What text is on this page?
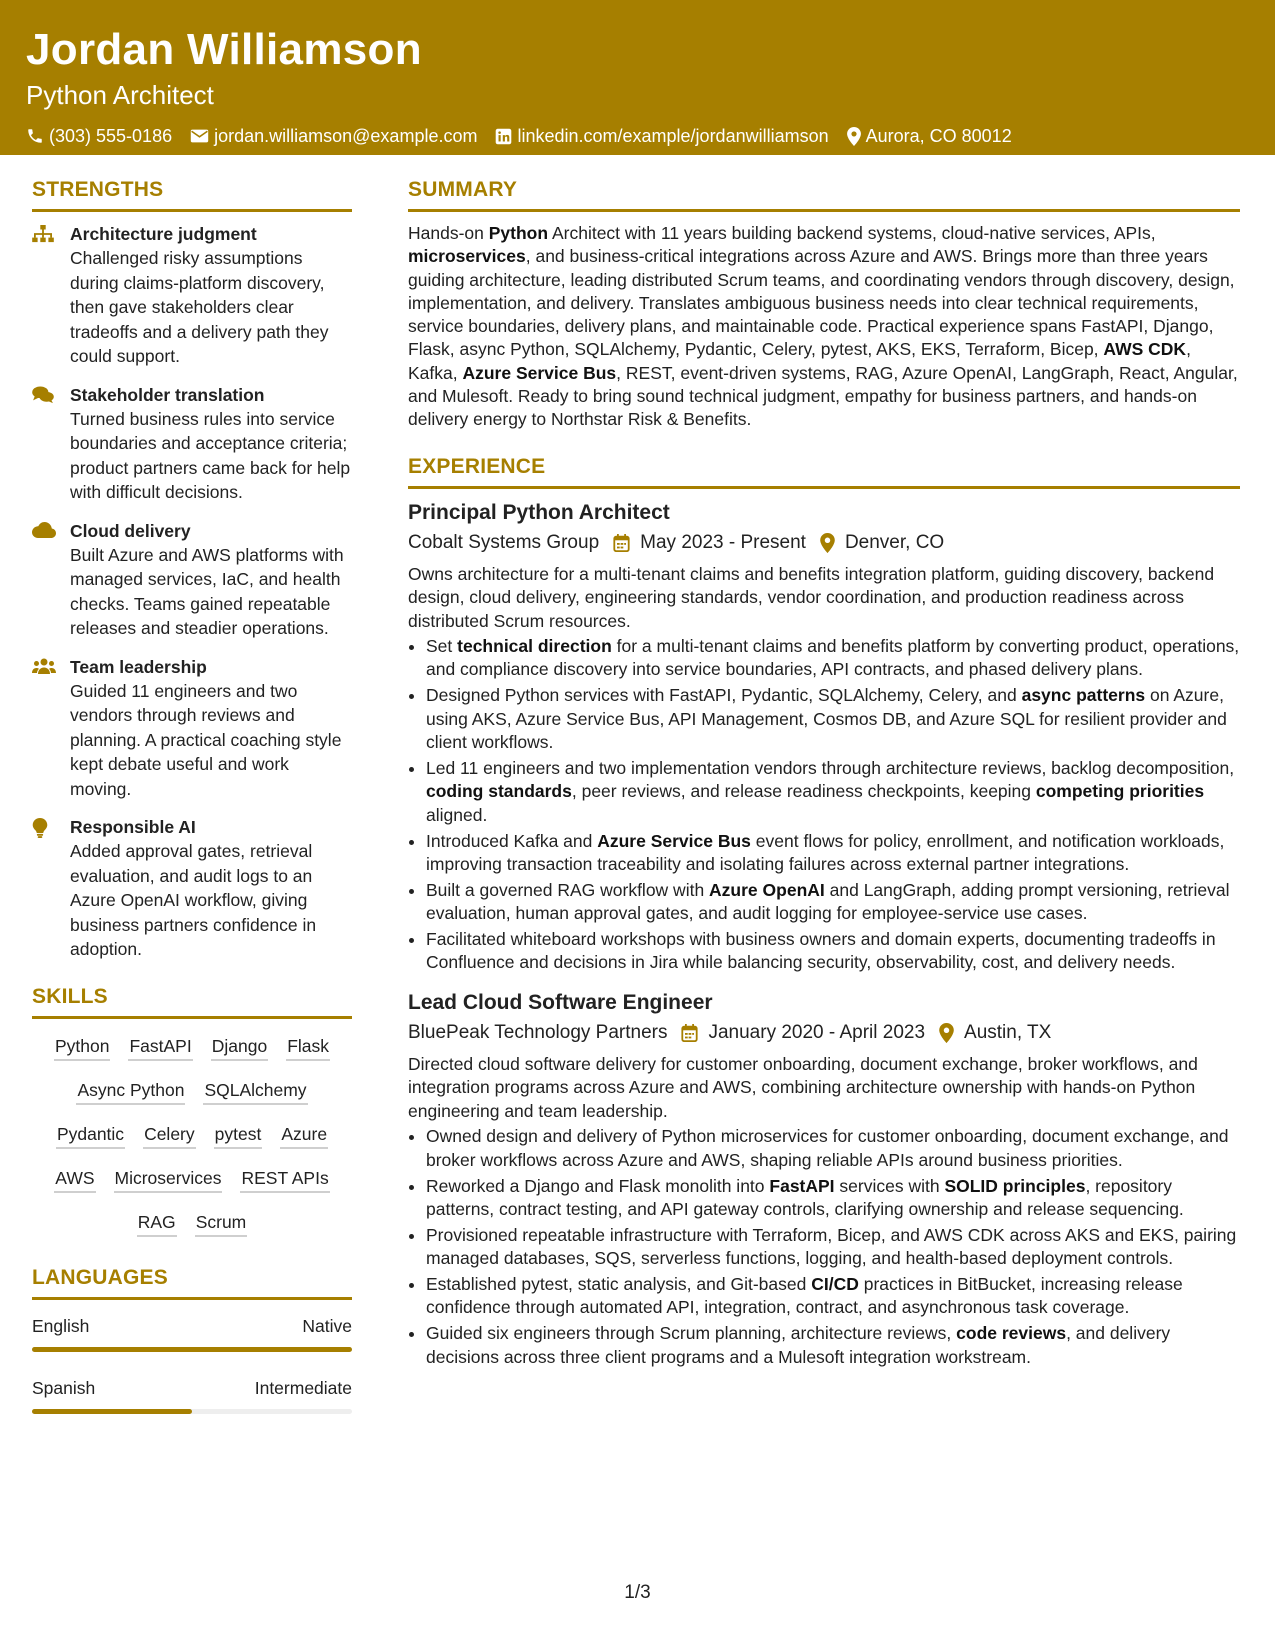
Jordan Williamson
Python Architect
(303) 555-0186 jordan.williamson@example.com linkedin.com/example/jordanwilliamson Aurora, CO 80012
STRENGTHS
Architecture judgment
Challenged risky assumptions during claims-platform discovery, then gave stakeholders clear tradeoffs and a delivery path they could support.
Stakeholder translation
Turned business rules into service boundaries and acceptance criteria; product partners came back for help with difficult decisions.
Cloud delivery
Built Azure and AWS platforms with managed services, IaC, and health checks. Teams gained repeatable releases and steadier operations.
Team leadership
Guided 11 engineers and two vendors through reviews and planning. A practical coaching style kept debate useful and work moving.
Responsible AI
Added approval gates, retrieval evaluation, and audit logs to an Azure OpenAI workflow, giving business partners confidence in adoption.
SKILLS
Python FastAPI Django Flask
Async Python SQLAlchemy
Pydantic Celery pytest Azure
AWS Microservices REST APIs
RAG Scrum
LANGUAGES
English	Native
Spanish	Intermediate
SUMMARY
Hands-on Python Architect with 11 years building backend systems, cloud-native services, APIs, microservices, and business-critical integrations across Azure and AWS. Brings more than three years guiding architecture, leading distributed Scrum teams, and coordinating vendors through discovery, design, implementation, and delivery. Translates ambiguous business needs into clear technical requirements, service boundaries, delivery plans, and maintainable code. Practical experience spans FastAPI, Django, Flask, async Python, SQLAlchemy, Pydantic, Celery, pytest, AKS, EKS, Terraform, Bicep, AWS CDK, Kafka, Azure Service Bus, REST, event-driven systems, RAG, Azure OpenAI, LangGraph, React, Angular, and Mulesoft. Ready to bring sound technical judgment, empathy for business partners, and hands-on delivery energy to Northstar Risk & Benefits.
EXPERIENCE
Principal Python Architect
Cobalt Systems Group May 2023 - Present Denver, CO
Owns architecture for a multi-tenant claims and benefits integration platform, guiding discovery, backend design, cloud delivery, engineering standards, vendor coordination, and production readiness across distributed Scrum resources.
• Set technical direction for a multi-tenant claims and benefits platform by converting product, operations, and compliance discovery into service boundaries, API contracts, and phased delivery plans.
• Designed Python services with FastAPI, Pydantic, SQLAlchemy, Celery, and async patterns on Azure, using AKS, Azure Service Bus, API Management, Cosmos DB, and Azure SQL for resilient provider and client workflows.
• Led 11 engineers and two implementation vendors through architecture reviews, backlog decomposition, coding standards, peer reviews, and release readiness checkpoints, keeping competing priorities aligned.
• Introduced Kafka and Azure Service Bus event flows for policy, enrollment, and notification workloads, improving transaction traceability and isolating failures across external partner integrations.
• Built a governed RAG workflow with Azure OpenAI and LangGraph, adding prompt versioning, retrieval evaluation, human approval gates, and audit logging for employee-service use cases.
• Facilitated whiteboard workshops with business owners and domain experts, documenting tradeoffs in Confluence and decisions in Jira while balancing security, observability, cost, and delivery needs.
Lead Cloud Software Engineer
BluePeak Technology Partners January 2020 - April 2023 Austin, TX
Directed cloud software delivery for customer onboarding, document exchange, broker workflows, and integration programs across Azure and AWS, combining architecture ownership with hands-on Python engineering and team leadership.
• Owned design and delivery of Python microservices for customer onboarding, document exchange, and broker workflows across Azure and AWS, shaping reliable APIs around business priorities.
• Reworked a Django and Flask monolith into FastAPI services with SOLID principles, repository patterns, contract testing, and API gateway controls, clarifying ownership and release sequencing.
• Provisioned repeatable infrastructure with Terraform, Bicep, and AWS CDK across AKS and EKS, pairing managed databases, SQS, serverless functions, logging, and health-based deployment controls.
• Established pytest, static analysis, and Git-based CI/CD practices in BitBucket, increasing release confidence through automated API, integration, contract, and asynchronous task coverage.
• Guided six engineers through Scrum planning, architecture reviews, code reviews, and delivery decisions across three client programs and a Mulesoft integration workstream.
1/3
